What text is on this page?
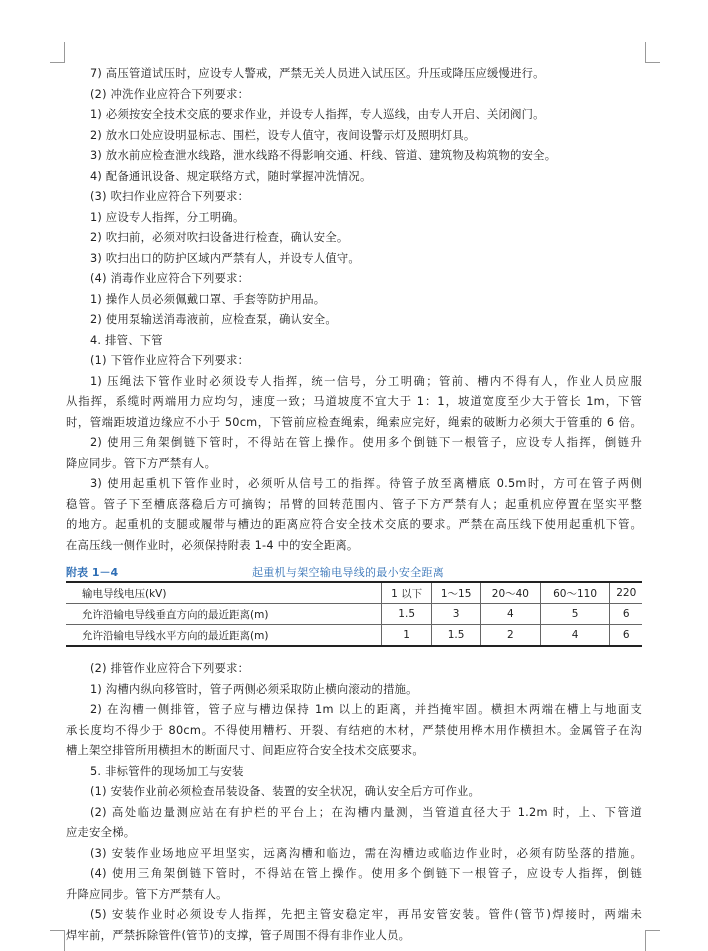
7) 高压管道试压时，应设专人警戒，严禁无关人员进入试压区。升压或降压应缓慢进行。
(2) 冲洗作业应符合下列要求：
1) 必须按安全技术交底的要求作业，并设专人指挥，专人巡线，由专人开启、关闭阀门。
2) 放水口处应设明显标志、围栏，设专人值守，夜间设警示灯及照明灯具。
3) 放水前应检查泄水线路，泄水线路不得影响交通、杆线、管道、建筑物及构筑物的安全。
4) 配备通讯设备、规定联络方式，随时掌握冲洗情况。
(3) 吹扫作业应符合下列要求：
1) 应设专人指挥，分工明确。
2) 吹扫前，必须对吹扫设备进行检查，确认安全。
3) 吹扫出口的防护区域内严禁有人，并设专人值守。
(4) 消毒作业应符合下列要求：
1) 操作人员必须佩戴口罩、手套等防护用品。
2) 使用泵输送消毒液前，应检查泵，确认安全。
4. 排管、下管
(1) 下管作业应符合下列要求：
1) 压绳法下管作业时必须设专人指挥，统一信号，分工明确；管前、槽内不得有人，作业人员应服
从指挥，系缆时两端用力应均匀，速度一致；马道坡度不宜大于 1：1，坡道宽度至少大于管长 1m，下管
时，管端距坡道边缘应不小于 50cm，下管前应检查绳索，绳索应完好，绳索的破断力必须大于管重的 6 倍。
2) 使用三角架倒链下管时，不得站在管上操作。使用多个倒链下一根管子，应设专人指挥，倒链升
降应同步。管下方严禁有人。
3) 使用起重机下管作业时，必须听从信号工的指挥。待管子放至离槽底 0.5m时，方可在管子两侧
稳管。管子下至槽底落稳后方可摘钩；吊臂的回转范围内、管子下方严禁有人；起重机应停置在坚实平整
的地方。起重机的支腿或履带与槽边的距离应符合安全技术交底的要求。严禁在高压线下使用起重机下管。
在高压线一侧作业时，必须保持附表 1-4 中的安全距离。
附表 1－4	起重机与架空输电导线的最小安全距离
输电导线电压(kV)	1 以下	1～15	20～40	60～110	220
允许沿输电导线垂直方向的最近距离(m)	1.5	3	4	5	6
允许沿输电导线水平方向的最近距离(m)	1	1.5	2	4	6
(2) 排管作业应符合下列要求：
1) 沟槽内纵向移管时，管子两侧必须采取防止横向滚动的措施。
2) 在沟槽一侧排管，管子应与槽边保持 1m 以上的距离，并挡掩牢固。横担木两端在槽上与地面支
承长度均不得少于 80cm。不得使用糟朽、开裂、有结疤的木材，严禁使用桦木用作横担木。金属管子在沟
槽上架空排管所用横担木的断面尺寸、间距应符合安全技术交底要求。
5. 非标管件的现场加工与安装
(1) 安装作业前必须检查吊装设备、装置的安全状况，确认安全后方可作业。
(2) 高处临边量测应站在有护栏的平台上；在沟槽内量测，当管道直径大于 1.2m 时，上、下管道
应走安全梯。
(3) 安装作业场地应平坦坚实，远离沟槽和临边，需在沟槽边或临边作业时，必须有防坠落的措施。
(4) 使用三角架倒链下管时，不得站在管上操作。使用多个倒链下一根管子，应设专人指挥，倒链
升降应同步。管下方严禁有人。
(5) 安装作业时必须设专人指挥，先把主管安稳定牢，再吊安管安装。管件(管节)焊接时，两端未
焊牢前，严禁拆除管件(管节)的支撑，管子周围不得有非作业人员。
